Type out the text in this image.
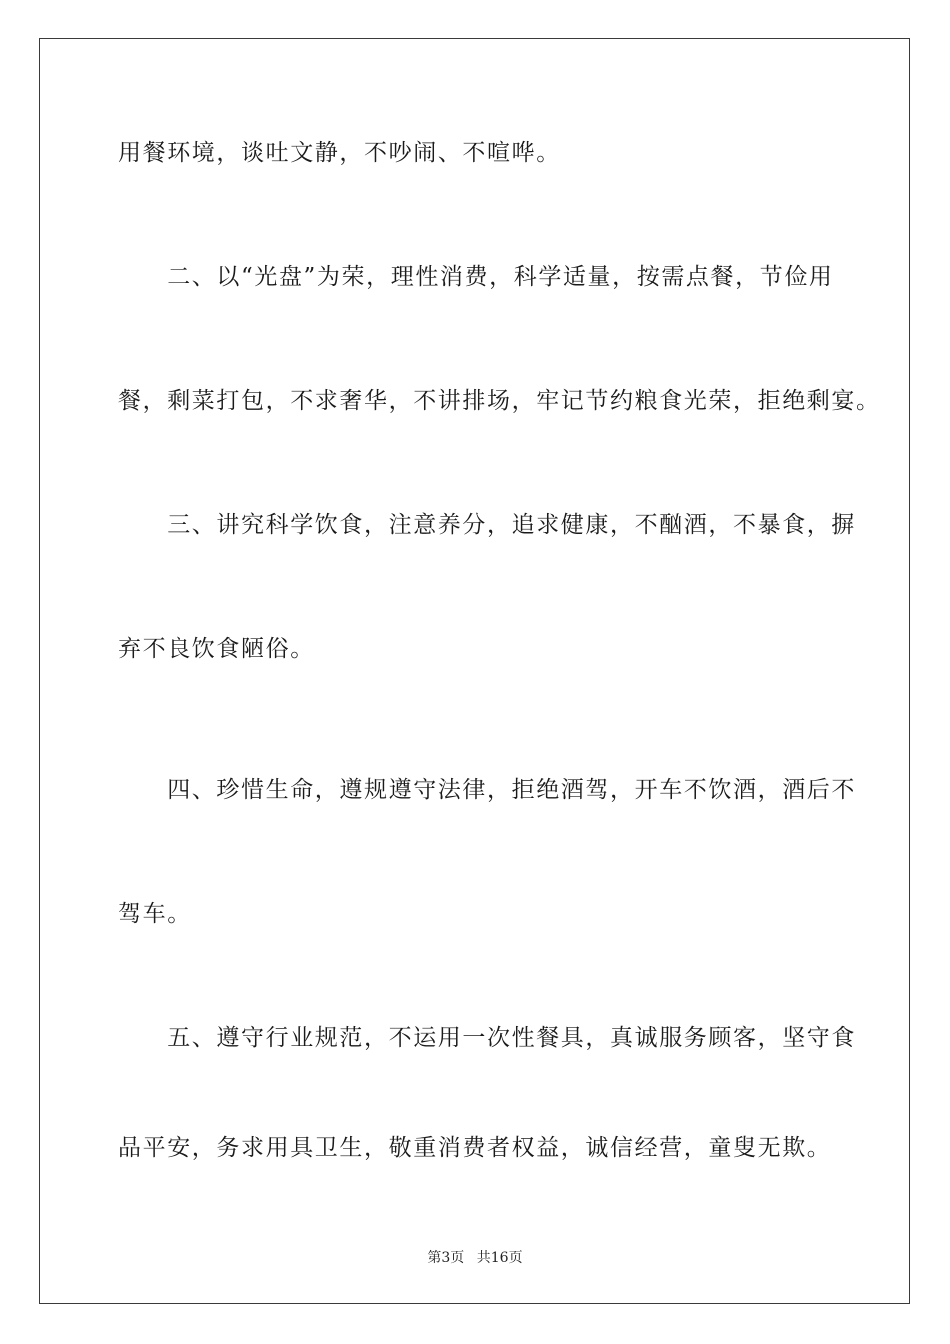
用餐环境，谈吐文静，不吵闹、不喧哗。
　　二、以“光盘”为荣，理性消费，科学适量，按需点餐，节俭用
餐，剩菜打包，不求奢华，不讲排场，牢记节约粮食光荣，拒绝剩宴。
　　三、讲究科学饮食，注意养分，追求健康，不酗酒，不暴食，摒
弃不良饮食陋俗。
　　四、珍惜生命，遵规遵守法律，拒绝酒驾，开车不饮酒，酒后不
驾车。
　　五、遵守行业规范，不运用一次性餐具，真诚服务顾客，坚守食
品平安，务求用具卫生，敬重消费者权益，诚信经营，童叟无欺。
第3页 共16页
